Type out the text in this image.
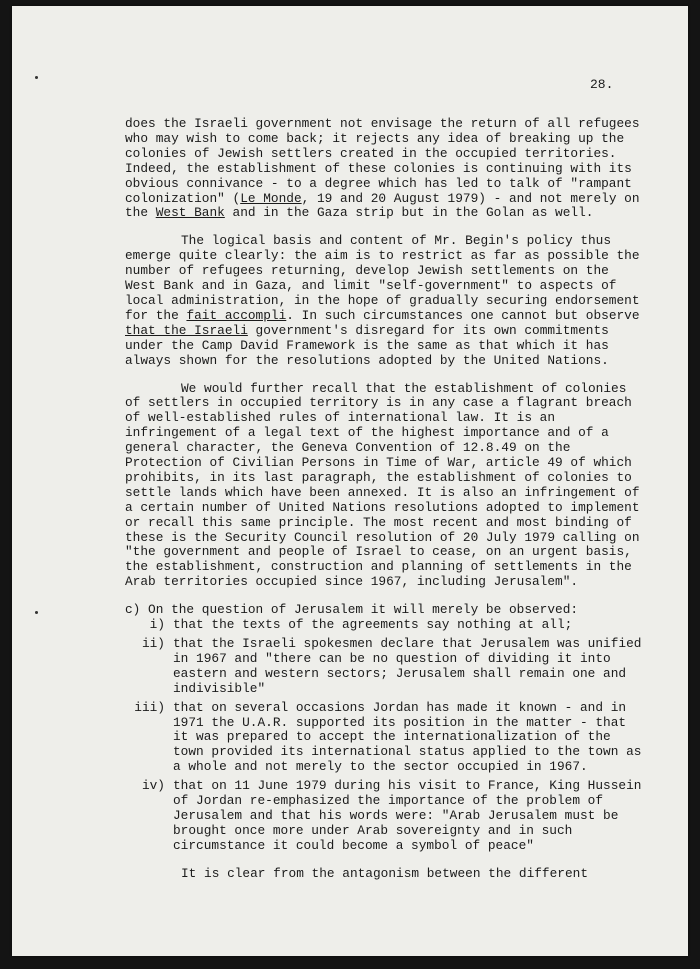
28.

does the Israeli government not envisage the return of all refugees who may wish to come back; it rejects any idea of breaking up the colonies of Jewish settlers created in the occupied territories. Indeed, the establishment of these colonies is continuing with its obvious connivance - to a degree which has led to talk of "rampant colonization" (Le Monde, 19 and 20 August 1979) - and not merely on the West Bank and in the Gaza strip but in the Golan as well.

The logical basis and content of Mr. Begin's policy thus emerge quite clearly: the aim is to restrict as far as possible the number of refugees returning, develop Jewish settlements on the West Bank and in Gaza, and limit "self-government" to aspects of local administration, in the hope of gradually securing endorsement for the fait accompli. In such circumstances one cannot but observe that the Israeli government's disregard for its own commitments under the Camp David Framework is the same as that which it has always shown for the resolutions adopted by the United Nations.

We would further recall that the establishment of colonies of settlers in occupied territory is in any case a flagrant breach of well-established rules of international law. It is an infringement of a legal text of the highest importance and of a general character, the Geneva Convention of 12.8.49 on the Protection of Civilian Persons in Time of War, article 49 of which prohibits, in its last paragraph, the establishment of colonies to settle lands which have been annexed. It is also an infringement of a certain number of United Nations resolutions adopted to implement or recall this same principle. The most recent and most binding of these is the Security Council resolution of 20 July 1979 calling on "the government and people of Israel to cease, on an urgent basis, the establishment, construction and planning of settlements in the Arab territories occupied since 1967, including Jerusalem".

c) On the question of Jerusalem it will merely be observed:

i) that the texts of the agreements say nothing at all;
ii) that the Israeli spokesmen declare that Jerusalem was unified in 1967 and "there can be no question of dividing it into eastern and western sectors; Jerusalem shall remain one and indivisible"
iii) that on several occasions Jordan has made it known - and in 1971 the U.A.R. supported its position in the matter - that it was prepared to accept the internationalization of the town provided its international status applied to the town as a whole and not merely to the sector occupied in 1967.
iv) that on 11 June 1979 during his visit to France, King Hussein of Jordan re-emphasized the importance of the problem of Jerusalem and that his words were: "Arab Jerusalem must be brought once more under Arab sovereignty and in such circumstance it could become a symbol of peace"

It is clear from the antagonism between the different
